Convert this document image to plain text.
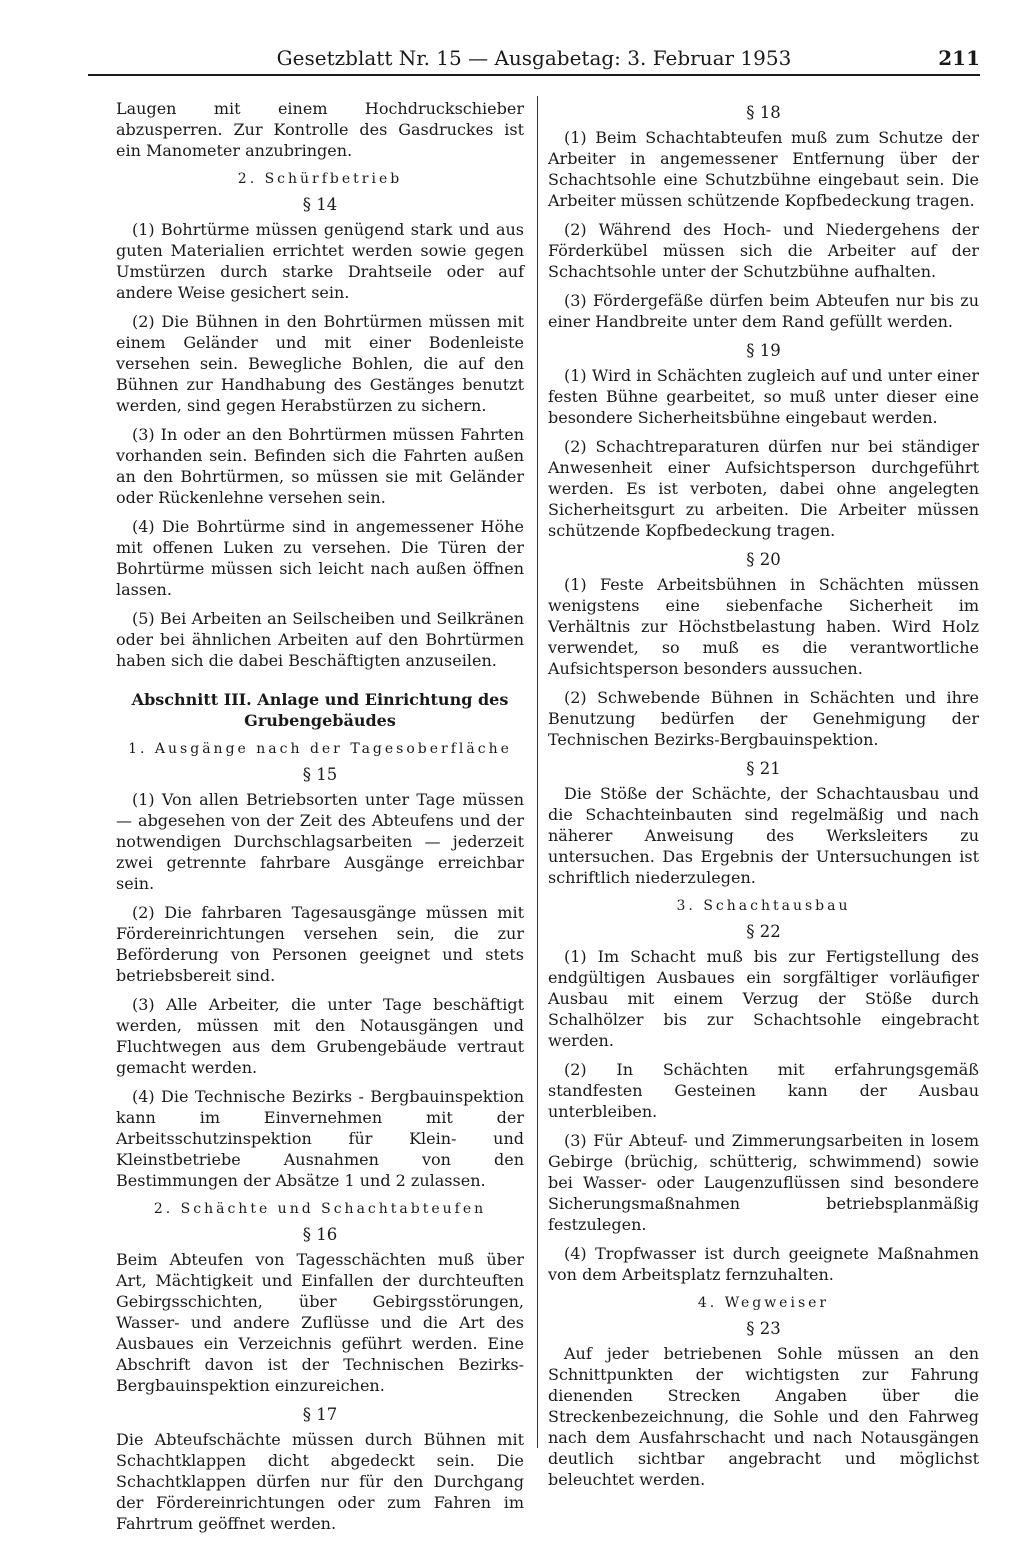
Gesetzblatt Nr. 15 — Ausgabetag: 3. Februar 1953	211

Laugen mit einem Hochdruckschieber abzusperren. Zur Kontrolle des Gasdruckes ist ein Manometer anzubringen.

2. Schürfbetrieb
§ 14

(1) Bohrtürme müssen genügend stark und aus guten Materialien errichtet werden sowie gegen Umstürzen durch starke Drahtseile oder auf andere Weise gesichert sein.

(2) Die Bühnen in den Bohrtürmen müssen mit einem Geländer und mit einer Bodenleiste versehen sein. Bewegliche Bohlen, die auf den Bühnen zur Handhabung des Gestänges benutzt werden, sind gegen Herabstürzen zu sichern.

(3) In oder an den Bohrtürmen müssen Fahrten vorhanden sein. Befinden sich die Fahrten außen an den Bohrtürmen, so müssen sie mit Geländer oder Rückenlehne versehen sein.

(4) Die Bohrtürme sind in angemessener Höhe mit offenen Luken zu versehen. Die Türen der Bohrtürme müssen sich leicht nach außen öffnen lassen.

(5) Bei Arbeiten an Seilscheiben und Seilkränen oder bei ähnlichen Arbeiten auf den Bohrtürmen haben sich die dabei Beschäftigten anzuseilen.

Abschnitt III. Anlage und Einrichtung des
Grubengebäudes
1. Ausgänge nach der Tagesoberfläche
§ 15

(1) Von allen Betriebsorten unter Tage müssen — abgesehen von der Zeit des Abteufens und der notwendigen Durchschlagsarbeiten — jederzeit zwei getrennte fahrbare Ausgänge erreichbar sein.

(2) Die fahrbaren Tagesausgänge müssen mit Fördereinrichtungen versehen sein, die zur Beförderung von Personen geeignet und stets betriebsbereit sind.

(3) Alle Arbeiter, die unter Tage beschäftigt werden, müssen mit den Notausgängen und Fluchtwegen aus dem Grubengebäude vertraut gemacht werden.

(4) Die Technische Bezirks - Bergbauinspektion kann im Einvernehmen mit der Arbeitsschutzinspektion für Klein- und Kleinstbetriebe Ausnahmen von den Bestimmungen der Absätze 1 und 2 zulassen.

2. Schächte und Schachtabteufen
§ 16

Beim Abteufen von Tagesschächten muß über Art, Mächtigkeit und Einfallen der durchteuften Gebirgsschichten, über Gebirgsstörungen, Wasser- und andere Zuflüsse und die Art des Ausbaues ein Verzeichnis geführt werden. Eine Abschrift davon ist der Technischen Bezirks-Bergbauinspektion einzureichen.

§ 17

Die Abteufschächte müssen durch Bühnen mit Schachtklappen dicht abgedeckt sein. Die Schachtklappen dürfen nur für den Durchgang der Fördereinrichtungen oder zum Fahren im Fahrtrum geöffnet werden.

§ 18

(1) Beim Schachtabteufen muß zum Schutze der Arbeiter in angemessener Entfernung über der Schachtsohle eine Schutzbühne eingebaut sein. Die Arbeiter müssen schützende Kopfbedeckung tragen.

(2) Während des Hoch- und Niedergehens der Förderkübel müssen sich die Arbeiter auf der Schachtsohle unter der Schutzbühne aufhalten.

(3) Fördergefäße dürfen beim Abteufen nur bis zu einer Handbreite unter dem Rand gefüllt werden.

§ 19

(1) Wird in Schächten zugleich auf und unter einer festen Bühne gearbeitet, so muß unter dieser eine besondere Sicherheitsbühne eingebaut werden.

(2) Schachtreparaturen dürfen nur bei ständiger Anwesenheit einer Aufsichtsperson durchgeführt werden. Es ist verboten, dabei ohne angelegten Sicherheitsgurt zu arbeiten. Die Arbeiter müssen schützende Kopfbedeckung tragen.

§ 20

(1) Feste Arbeitsbühnen in Schächten müssen wenigstens eine siebenfache Sicherheit im Verhältnis zur Höchstbelastung haben. Wird Holz verwendet, so muß es die verantwortliche Aufsichtsperson besonders aussuchen.

(2) Schwebende Bühnen in Schächten und ihre Benutzung bedürfen der Genehmigung der Technischen Bezirks-Bergbauinspektion.

§ 21

Die Stöße der Schächte, der Schachtausbau und die Schachteinbauten sind regelmäßig und nach näherer Anweisung des Werksleiters zu untersuchen. Das Ergebnis der Untersuchungen ist schriftlich niederzulegen.

3. Schachtausbau
§ 22

(1) Im Schacht muß bis zur Fertigstellung des endgültigen Ausbaues ein sorgfältiger vorläufiger Ausbau mit einem Verzug der Stöße durch Schalhölzer bis zur Schachtsohle eingebracht werden.

(2) In Schächten mit erfahrungsgemäß standfesten Gesteinen kann der Ausbau unterbleiben.

(3) Für Abteuf- und Zimmerungsarbeiten in losem Gebirge (brüchig, schütterig, schwimmend) sowie bei Wasser- oder Laugenzuflüssen sind besondere Sicherungsmaßnahmen betriebsplanmäßig festzulegen.

(4) Tropfwasser ist durch geeignete Maßnahmen von dem Arbeitsplatz fernzuhalten.

4. Wegweiser
§ 23

Auf jeder betriebenen Sohle müssen an den Schnittpunkten der wichtigsten zur Fahrung dienenden Strecken Angaben über die Streckenbezeichnung, die Sohle und den Fahrweg nach dem Ausfahrschacht und nach Notausgängen deutlich sichtbar angebracht und möglichst beleuchtet werden.
